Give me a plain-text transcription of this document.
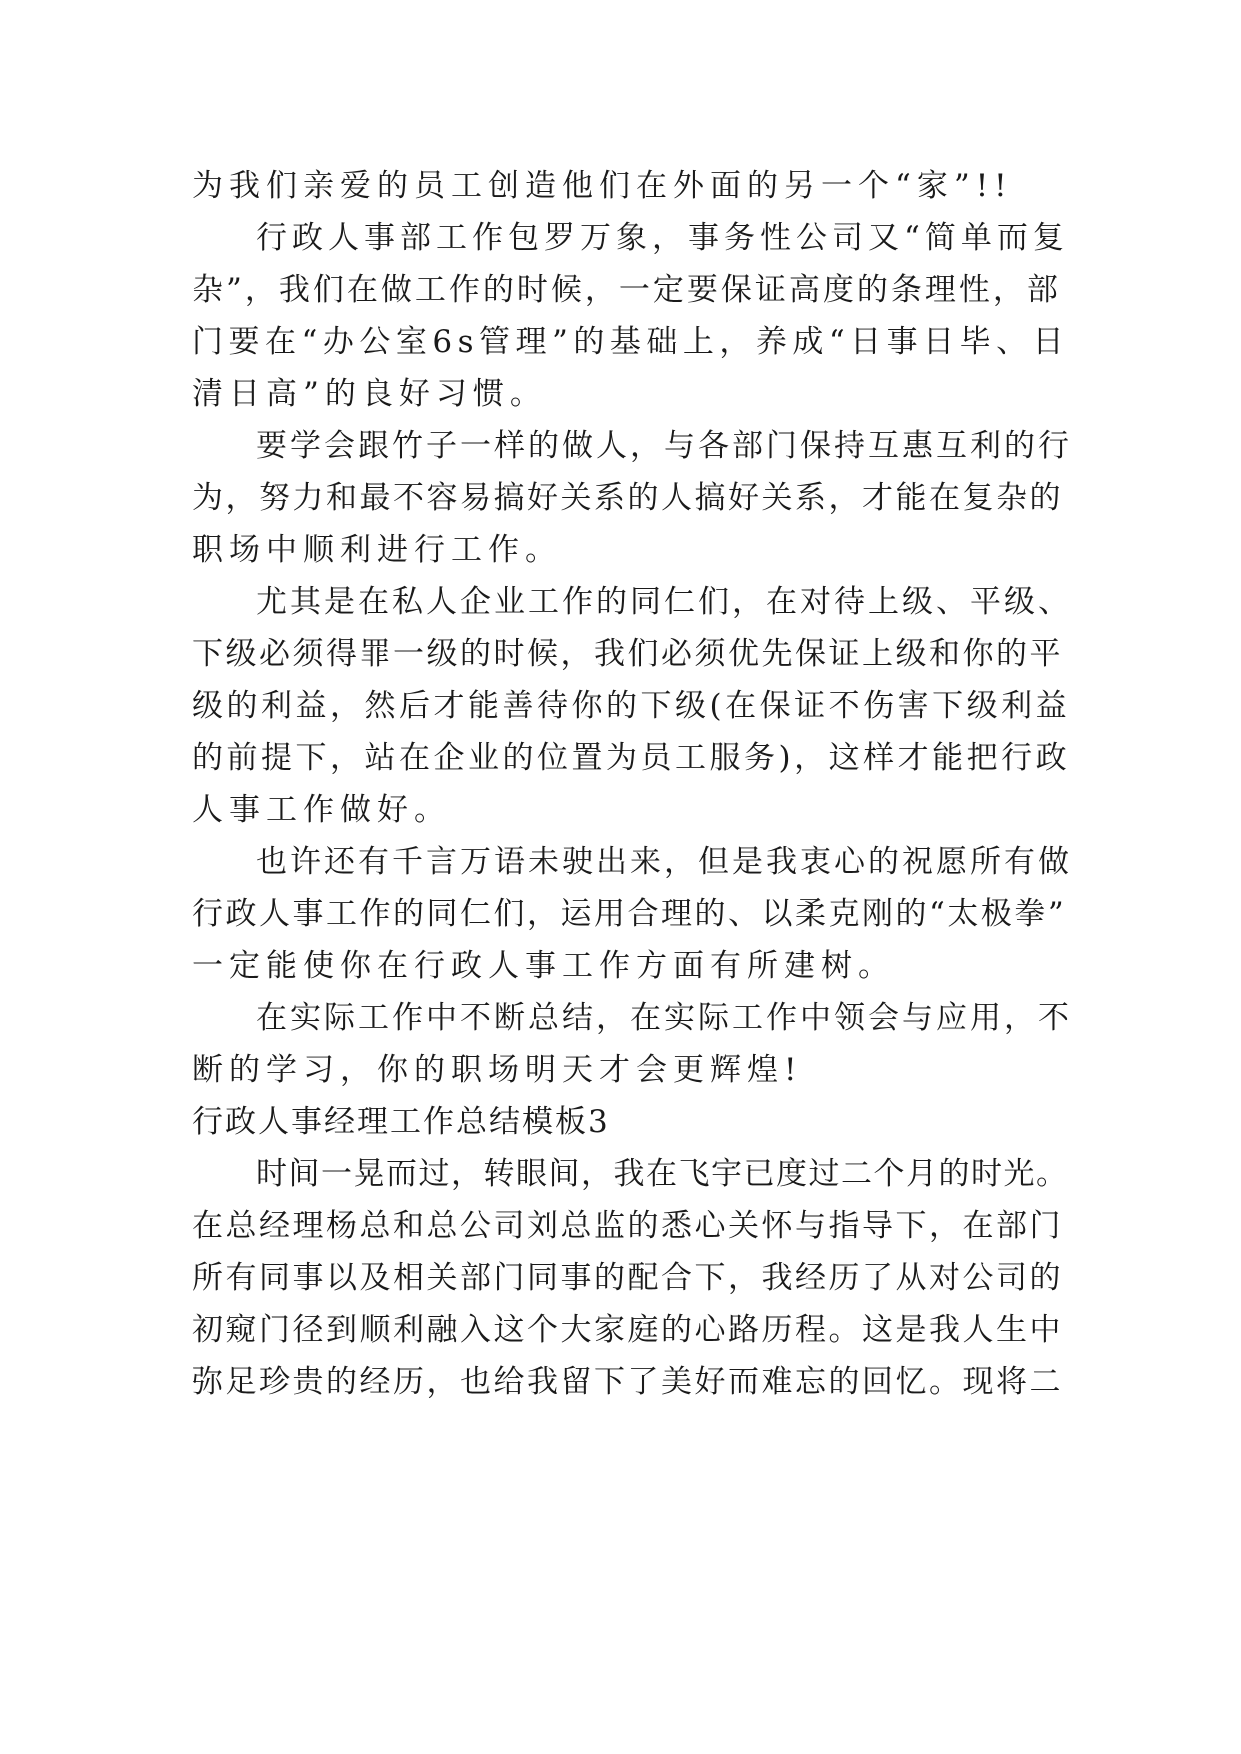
为我们亲爱的员工创造他们在外面的另一个“家”!!
行政人事部工作包罗万象，事务性公司又“简单而复
杂”，我们在做工作的时候，一定要保证高度的条理性，部
门要在“办公室6s管理”的基础上，养成“日事日毕、日
清日高”的良好习惯。
要学会跟竹子一样的做人，与各部门保持互惠互利的行
为，努力和最不容易搞好关系的人搞好关系，才能在复杂的
职场中顺利进行工作。
尤其是在私人企业工作的同仁们，在对待上级、平级、
下级必须得罪一级的时候，我们必须优先保证上级和你的平
级的利益，然后才能善待你的下级(在保证不伤害下级利益
的前提下，站在企业的位置为员工服务)，这样才能把行政
人事工作做好。
也许还有千言万语未驶出来，但是我衷心的祝愿所有做
行政人事工作的同仁们，运用合理的、以柔克刚的“太极拳”
一定能使你在行政人事工作方面有所建树。
在实际工作中不断总结，在实际工作中领会与应用，不
断的学习，你的职场明天才会更辉煌!
行政人事经理工作总结模板3
时间一晃而过，转眼间，我在飞宇已度过二个月的时光。
在总经理杨总和总公司刘总监的悉心关怀与指导下，在部门
所有同事以及相关部门同事的配合下，我经历了从对公司的
初窥门径到顺利融入这个大家庭的心路历程。这是我人生中
弥足珍贵的经历，也给我留下了美好而难忘的回忆。现将二
